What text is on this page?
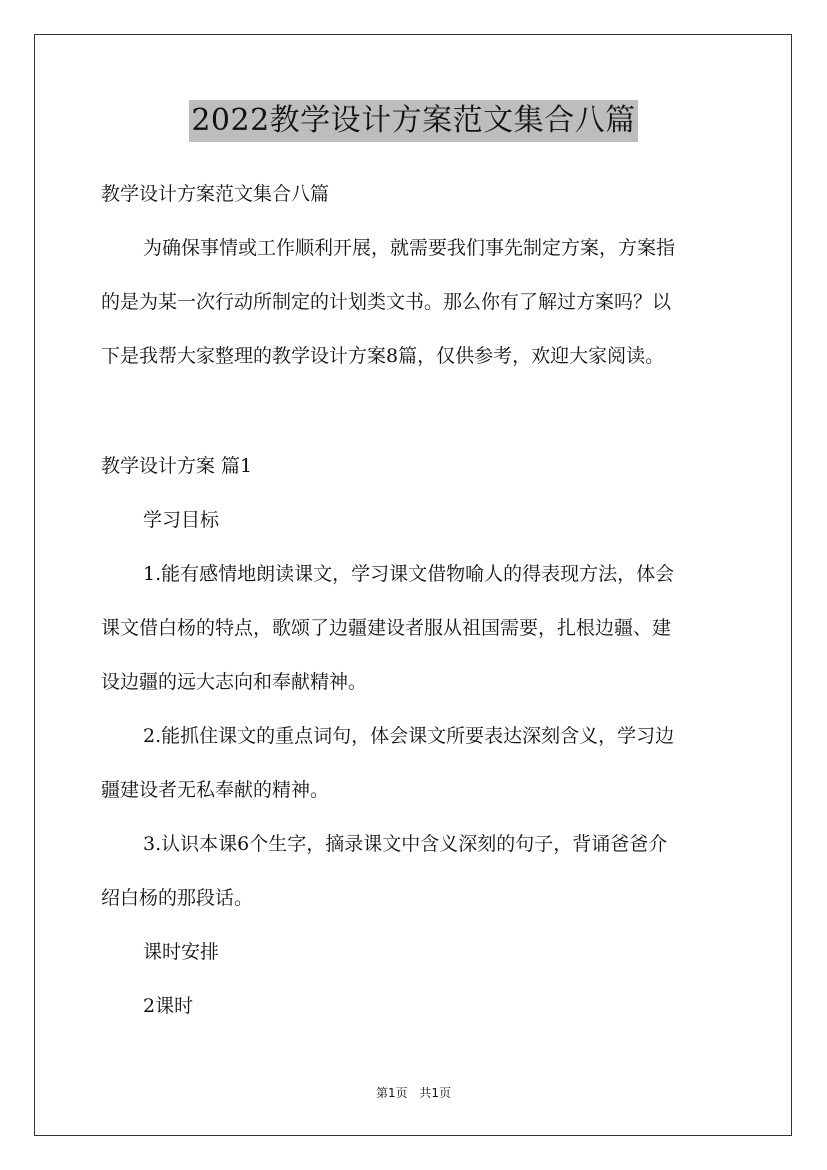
2022教学设计方案范文集合八篇
教学设计方案范文集合八篇
为确保事情或工作顺利开展，就需要我们事先制定方案，方案指
的是为某一次行动所制定的计划类文书。那么你有了解过方案吗？以
下是我帮大家整理的教学设计方案8篇，仅供参考，欢迎大家阅读。
教学设计方案 篇1
学习目标
1.能有感情地朗读课文，学习课文借物喻人的得表现方法，体会
课文借白杨的特点，歌颂了边疆建设者服从祖国需要，扎根边疆、建
设边疆的远大志向和奉献精神。
2.能抓住课文的重点词句，体会课文所要表达深刻含义，学习边
疆建设者无私奉献的精神。
3.认识本课6个生字，摘录课文中含义深刻的句子，背诵爸爸介
绍白杨的那段话。
课时安排
2课时
第1页 共1页
